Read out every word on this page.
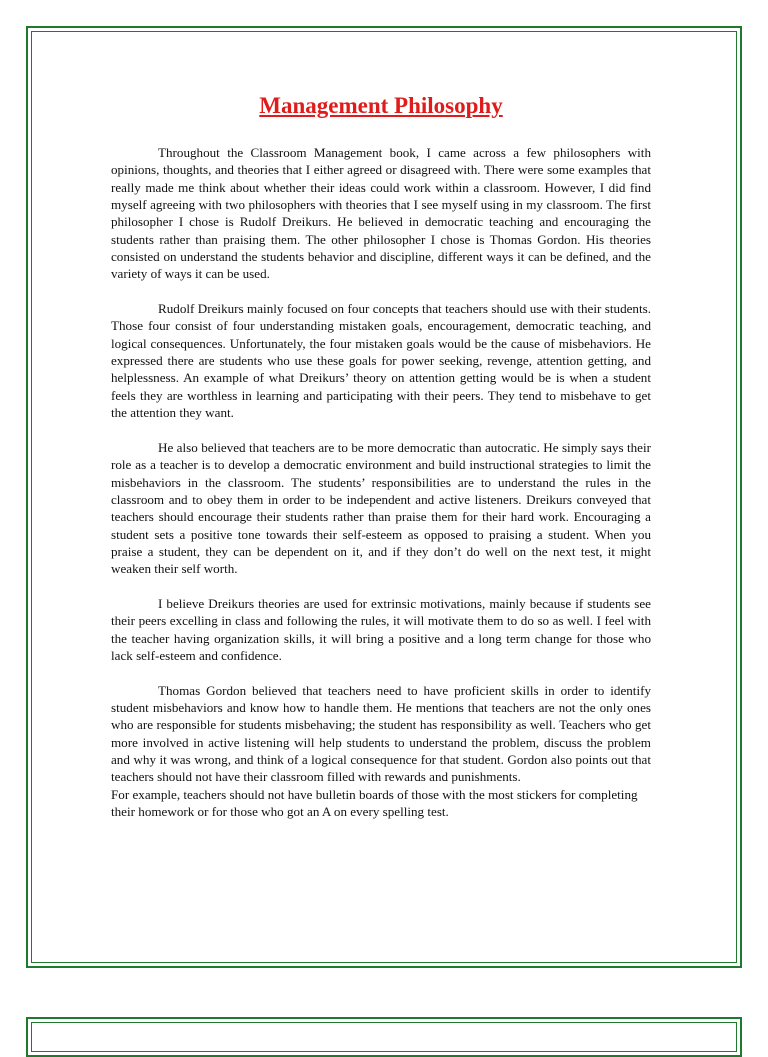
Management Philosophy

Throughout the Classroom Management book, I came across a few philosophers with opinions, thoughts, and theories that I either agreed or disagreed with. There were some examples that really made me think about whether their ideas could work within a classroom. However, I did find myself agreeing with two philosophers with theories that I see myself using in my classroom. The first philosopher I chose is Rudolf Dreikurs. He believed in democratic teaching and encouraging the students rather than praising them. The other philosopher I chose is Thomas Gordon. His theories consisted on understand the students behavior and discipline, different ways it can be defined, and the variety of ways it can be used.

Rudolf Dreikurs mainly focused on four concepts that teachers should use with their students. Those four consist of four understanding mistaken goals, encouragement, democratic teaching, and logical consequences. Unfortunately, the four mistaken goals would be the cause of misbehaviors. He expressed there are students who use these goals for power seeking, revenge, attention getting, and helplessness. An example of what Dreikurs’ theory on attention getting would be is when a student feels they are worthless in learning and participating with their peers. They tend to misbehave to get the attention they want.

He also believed that teachers are to be more democratic than autocratic. He simply says their role as a teacher is to develop a democratic environment and build instructional strategies to limit the misbehaviors in the classroom. The students’ responsibilities are to understand the rules in the classroom and to obey them in order to be independent and active listeners. Dreikurs conveyed that teachers should encourage their students rather than praise them for their hard work. Encouraging a student sets a positive tone towards their self-esteem as opposed to praising a student. When you praise a student, they can be dependent on it, and if they don’t do well on the next test, it might weaken their self worth.

I believe Dreikurs theories are used for extrinsic motivations, mainly because if students see their peers excelling in class and following the rules, it will motivate them to do so as well. I feel with the teacher having organization skills, it will bring a positive and a long term change for those who lack self-esteem and confidence.

Thomas Gordon believed that teachers need to have proficient skills in order to identify student misbehaviors and know how to handle them. He mentions that teachers are not the only ones who are responsible for students misbehaving; the student has responsibility as well. Teachers who get more involved in active listening will help students to understand the problem, discuss the problem and why it was wrong, and think of a logical consequence for that student. Gordon also points out that teachers should not have their classroom filled with rewards and punishments.

For example, teachers should not have bulletin boards of those with the most stickers for completing their homework or for those who got an A on every spelling test.
